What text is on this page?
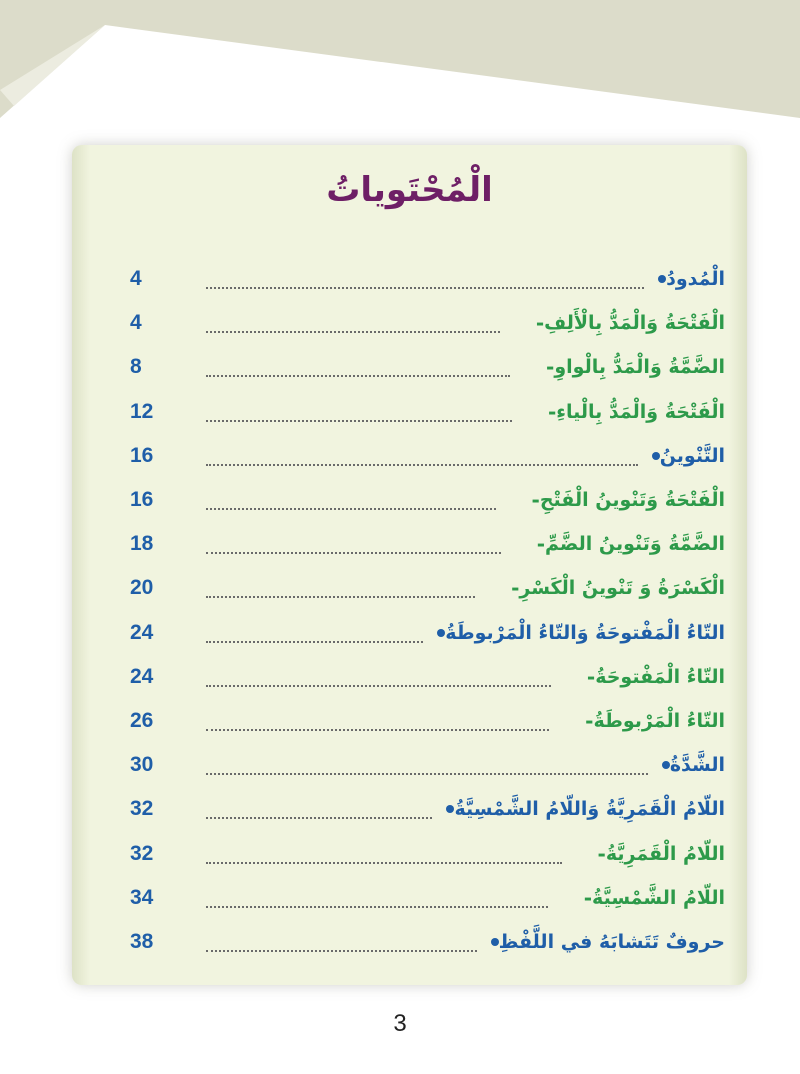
الْمُحْتَوياتُ
الْمُدودُ
4
- الْفَتْحَةُ وَالْمَدُّ بِالْأَلِفِ
4
- الضَّمَّةُ وَالْمَدُّ بِالْواوِ
8
- الْفَتْحَةُ وَالْمَدُّ بِالْياءِ
12
التَّنْوينُ
16
- الْفَتْحَةُ وَتَنْوينُ الْفَتْحِ
16
- الضَّمَّةُ وَتَنْوينُ الضَّمِّ
18
- الْكَسْرَةُ وَ تَنْوينُ الْكَسْرِ
20
التّاءُ الْمَفْتوحَةُ وَالتّاءُ الْمَرْبوطَةُ
24
- التّاءُ الْمَفْتوحَةُ
24
- التّاءُ الْمَرْبوطَةُ
26
الشَّدَّةُ
30
اللّامُ الْقَمَرِيَّةُ وَاللّامُ الشَّمْسِيَّةُ
32
- اللّامُ الْقَمَرِيَّةُ
32
- اللّامُ الشَّمْسِيَّةُ
34
حروفٌ تَتَشابَهُ في اللَّفْظِ
38
3
